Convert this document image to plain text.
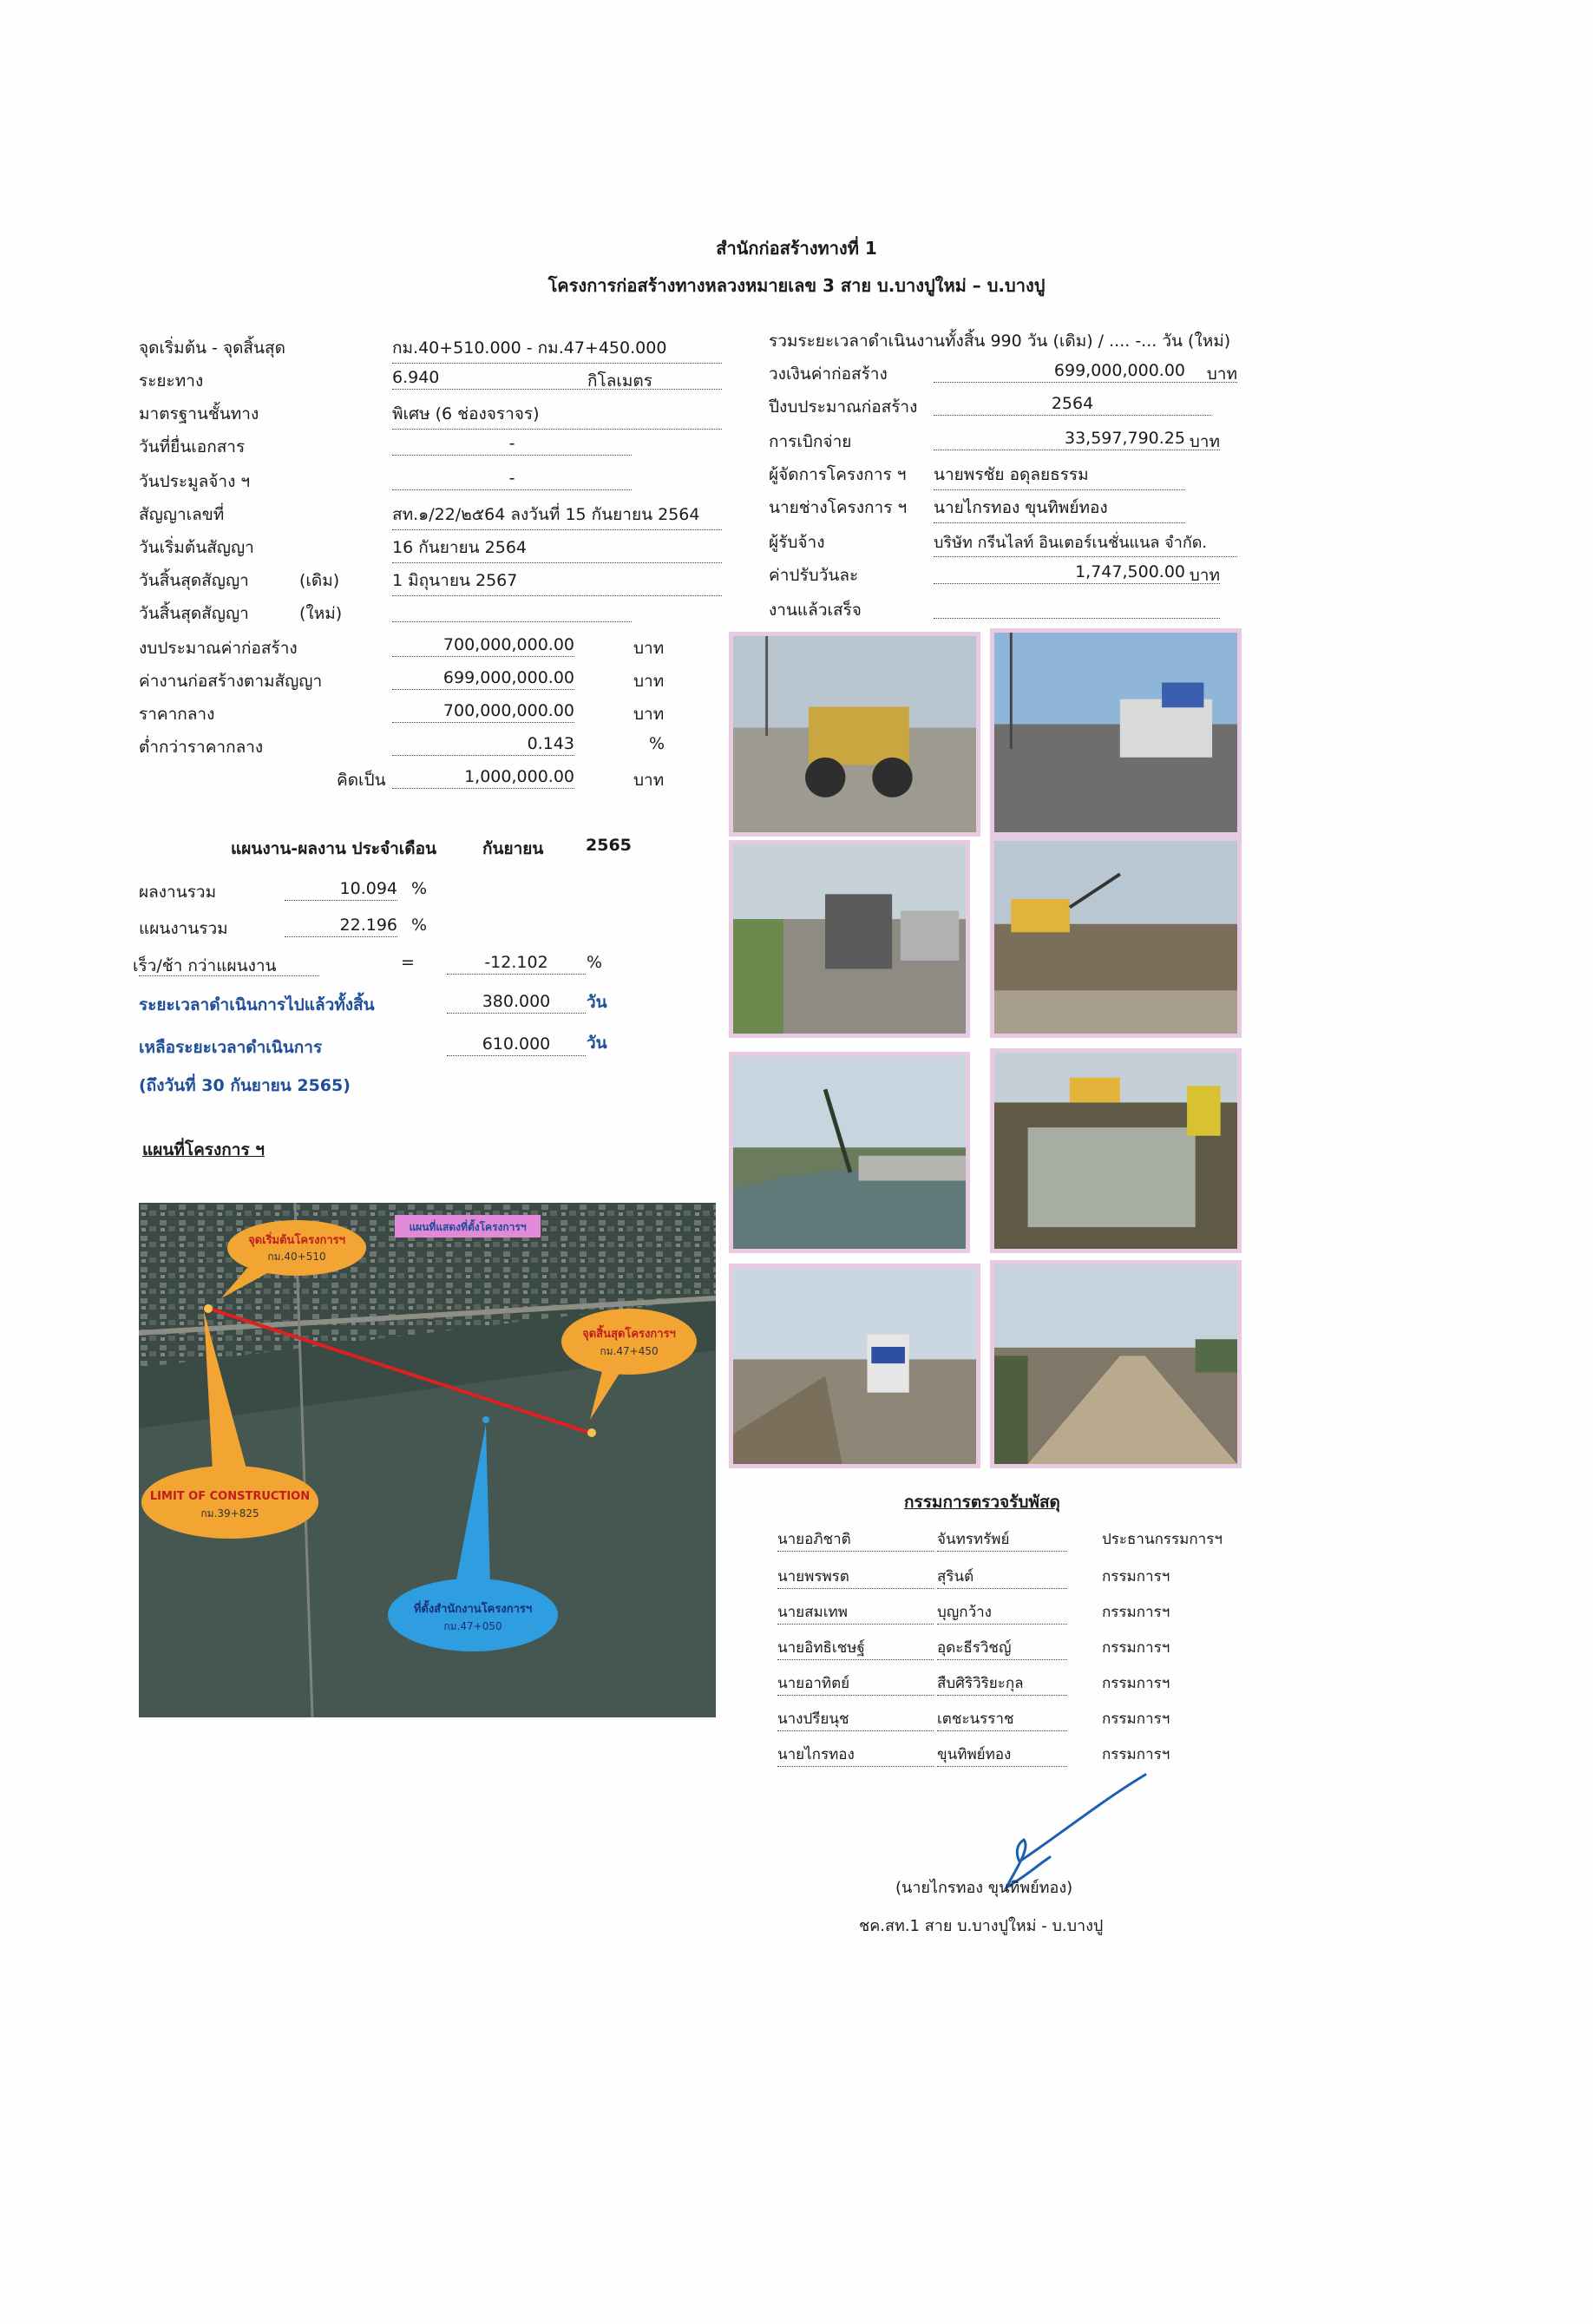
สำนักก่อสร้างทางที่ 1
โครงการก่อสร้างทางหลวงหมายเลข 3 สาย บ.บางปูใหม่ – บ.บางปู
จุดเริ่มต้น - จุดสิ้นสุด	กม.40+510.000 - กม.47+450.000
ระยะทาง	6.940	กิโลเมตร
มาตรฐานชั้นทาง	พิเศษ (6 ช่องจราจร)
วันที่ยื่นเอกสาร	-
วันประมูลจ้าง ฯ	-
สัญญาเลขที่	สท.๑/22/๒๕64 ลงวันที่ 15 กันยายน 2564
วันเริ่มต้นสัญญา	16 กันยายน 2564
วันสิ้นสุดสัญญา	(เดิม)	1 มิถุนายน 2567
วันสิ้นสุดสัญญา	(ใหม่)
งบประมาณค่าก่อสร้าง	700,000,000.00	บาท
ค่างานก่อสร้างตามสัญญา	699,000,000.00	บาท
ราคากลาง	700,000,000.00	บาท
ต่ำกว่าราคากลาง	0.143	%
คิดเป็น	1,000,000.00	บาท
รวมระยะเวลาดำเนินงานทั้งสิ้น 990 วัน (เดิม) / .... -... วัน (ใหม่)
วงเงินค่าก่อสร้าง	699,000,000.00 บาท
ปีงบประมาณก่อสร้าง	2564
การเบิกจ่าย	33,597,790.25 บาท
ผู้จัดการโครงการ ฯ นายพรชัย อดุลยธรรม
นายช่างโครงการ ฯ นายไกรทอง ขุนทิพย์ทอง
ผู้รับจ้าง	บริษัท กรีนไลท์ อินเตอร์เนชั่นแนล จำกัด.
ค่าปรับวันละ	1,747,500.00 บาท
งานแล้วเสร็จ
แผนงาน-ผลงาน ประจำเดือน	กันยายน	2565
ผลงานรวม	10.094 %
แผนงานรวม	22.196 %
เร็ว/ช้า กว่าแผนงาน	=	-12.102	%
ระยะเวลาดำเนินการไปแล้วทั้งสิ้น	380.000	วัน
เหลือระยะเวลาดำเนินการ	610.000	วัน
(ถึงวันที่ 30 กันยายน 2565)
แผนที่โครงการ ฯ
จุดเริ่มต้นโครงการฯ
กม.40+510
แผนที่แสดงที่ตั้งโครงการฯ
จุดสิ้นสุดโครงการฯ
กม.47+450
LIMIT OF CONSTRUCTION
กม.39+825
ที่ตั้งสำนักงานโครงการฯ
กม.47+050
กรรมการตรวจรับพัสดุ
นายอภิชาติ	จันทรทรัพย์	ประธานกรรมการฯ
นายพรพรต	สุรินต์	กรรมการฯ
นายสมเทพ	บุญกว้าง	กรรมการฯ
นายอิทธิเชษฐ์	อุดะธีรวิชญ์	กรรมการฯ
นายอาทิตย์	สืบศิริวิริยะกุล	กรรมการฯ
นางปรียนุช	เตชะนรราช	กรรมการฯ
นายไกรทอง	ขุนทิพย์ทอง	กรรมการฯ
(นายไกรทอง ขุนทิพย์ทอง)
ชค.สท.1 สาย บ.บางปูใหม่ - บ.บางปู
